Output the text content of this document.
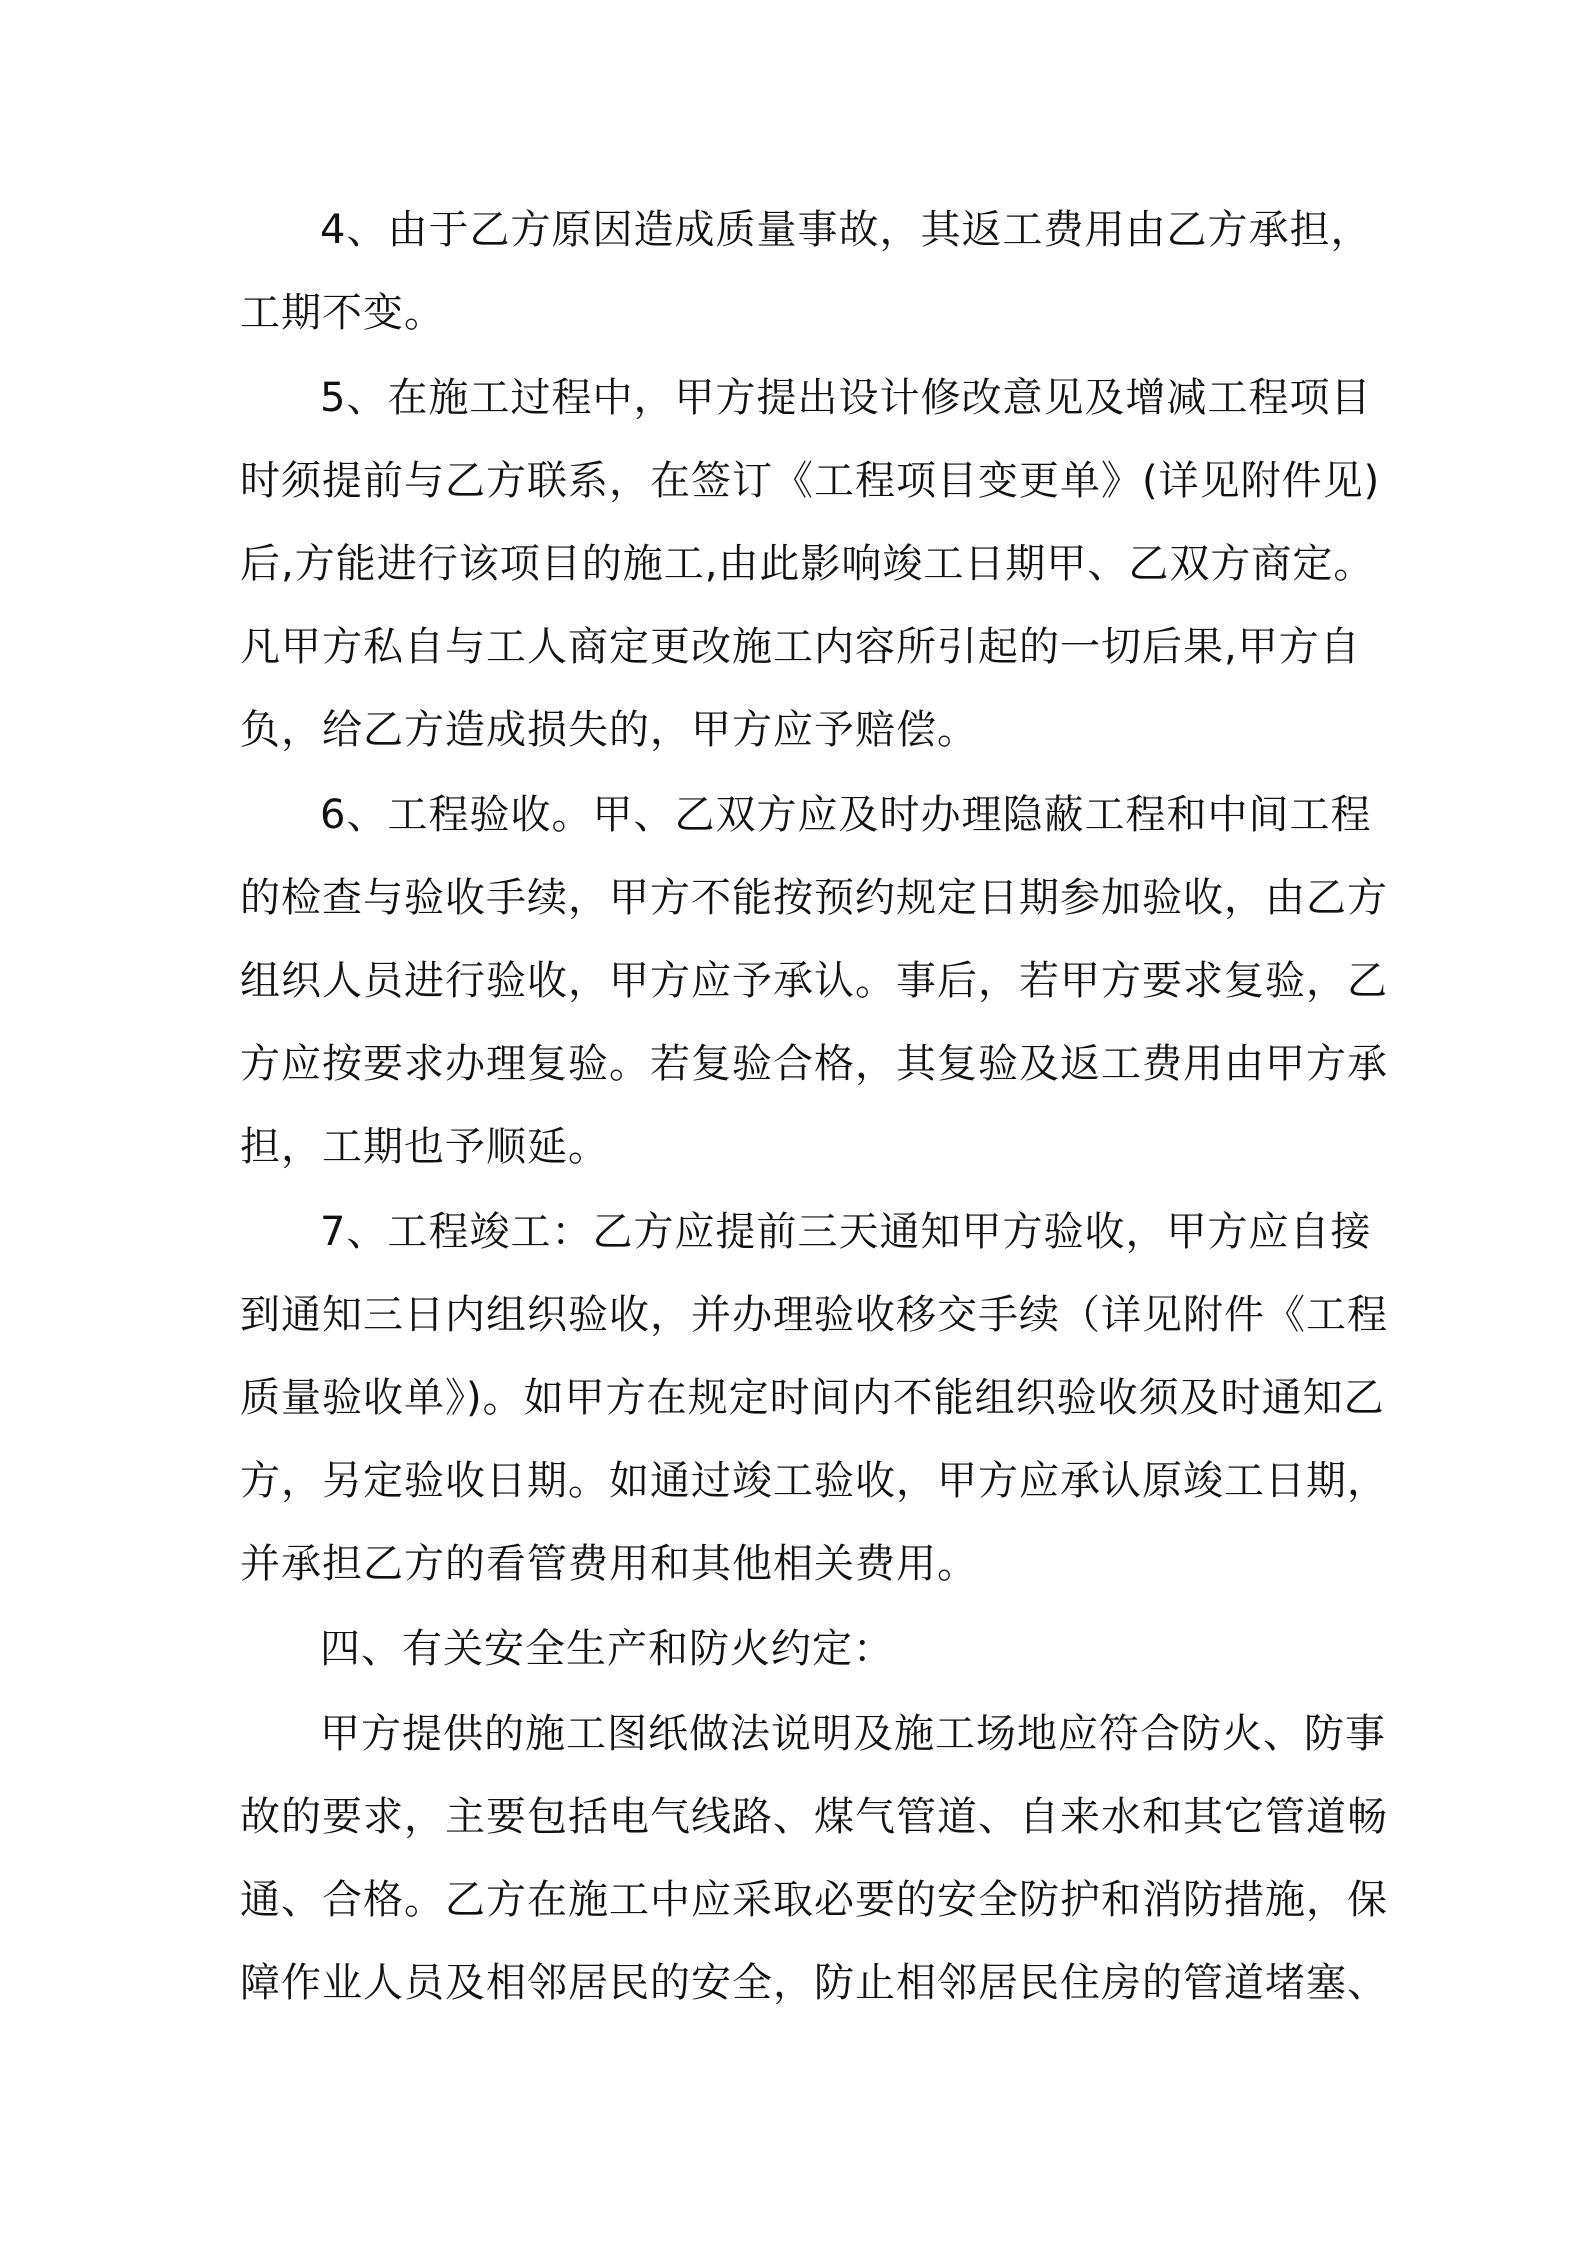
4、由于乙方原因造成质量事故，其返工费用由乙方承担，
工期不变。
5、在施工过程中，甲方提出设计修改意见及增减工程项目
时须提前与乙方联系，在签订《工程项目变更单》(详见附件见)
后,方能进行该项目的施工,由此影响竣工日期甲、乙双方商定。
凡甲方私自与工人商定更改施工内容所引起的一切后果,甲方自
负，给乙方造成损失的，甲方应予赔偿。
6、工程验收。甲、乙双方应及时办理隐蔽工程和中间工程
的检查与验收手续，甲方不能按预约规定日期参加验收，由乙方
组织人员进行验收，甲方应予承认。事后，若甲方要求复验，乙
方应按要求办理复验。若复验合格，其复验及返工费用由甲方承
担，工期也予顺延。
7、工程竣工：乙方应提前三天通知甲方验收，甲方应自接
到通知三日内组织验收，并办理验收移交手续（详见附件《工程
质量验收单》)。如甲方在规定时间内不能组织验收须及时通知乙
方，另定验收日期。如通过竣工验收，甲方应承认原竣工日期，
并承担乙方的看管费用和其他相关费用。
四、有关安全生产和防火约定：
甲方提供的施工图纸做法说明及施工场地应符合防火、防事
故的要求，主要包括电气线路、煤气管道、自来水和其它管道畅
通、合格。乙方在施工中应采取必要的安全防护和消防措施，保
障作业人员及相邻居民的安全，防止相邻居民住房的管道堵塞、
